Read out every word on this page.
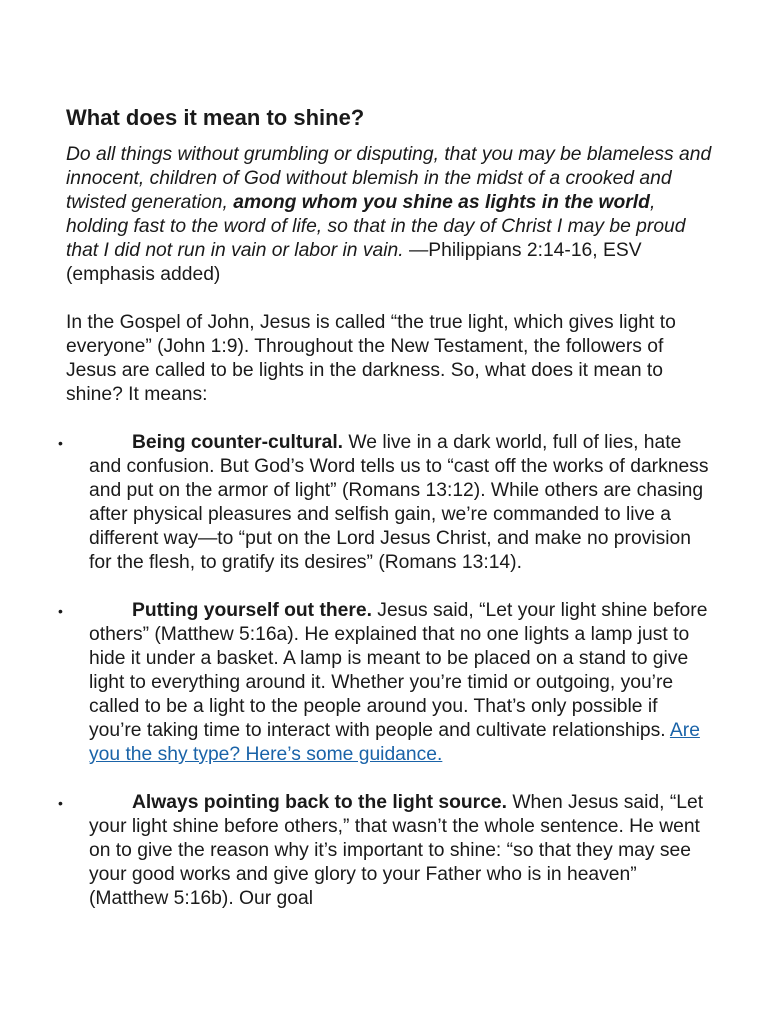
What does it mean to shine?

Do all things without grumbling or disputing, that you may be blameless and innocent, children of God without blemish in the midst of a crooked and twisted generation, among whom you shine as lights in the world, holding fast to the word of life, so that in the day of Christ I may be proud that I did not run in vain or labor in vain. —Philippians 2:14-16, ESV (emphasis added)

In the Gospel of John, Jesus is called “the true light, which gives light to everyone” (John 1:9). Throughout the New Testament, the followers of Jesus are called to be lights in the darkness. So, what does it mean to shine? It means:

•	Being counter-cultural. We live in a dark world, full of lies, hate and confusion. But God’s Word tells us to “cast off the works of darkness and put on the armor of light” (Romans 13:12). While others are chasing after physical pleasures and selfish gain, we’re commanded to live a different way—to “put on the Lord Jesus Christ, and make no provision for the flesh, to gratify its desires” (Romans 13:14).
•	Putting yourself out there. Jesus said, “Let your light shine before others” (Matthew 5:16a). He explained that no one lights a lamp just to hide it under a basket. A lamp is meant to be placed on a stand to give light to everything around it. Whether you’re timid or outgoing, you’re called to be a light to the people around you. That’s only possible if you’re taking time to interact with people and cultivate relationships. Are you the shy type? Here’s some guidance.
•	Always pointing back to the light source. When Jesus said, “Let your light shine before others,” that wasn’t the whole sentence. He went on to give the reason why it’s important to shine: “so that they may see your good works and give glory to your Father who is in heaven” (Matthew 5:16b). Our goal
